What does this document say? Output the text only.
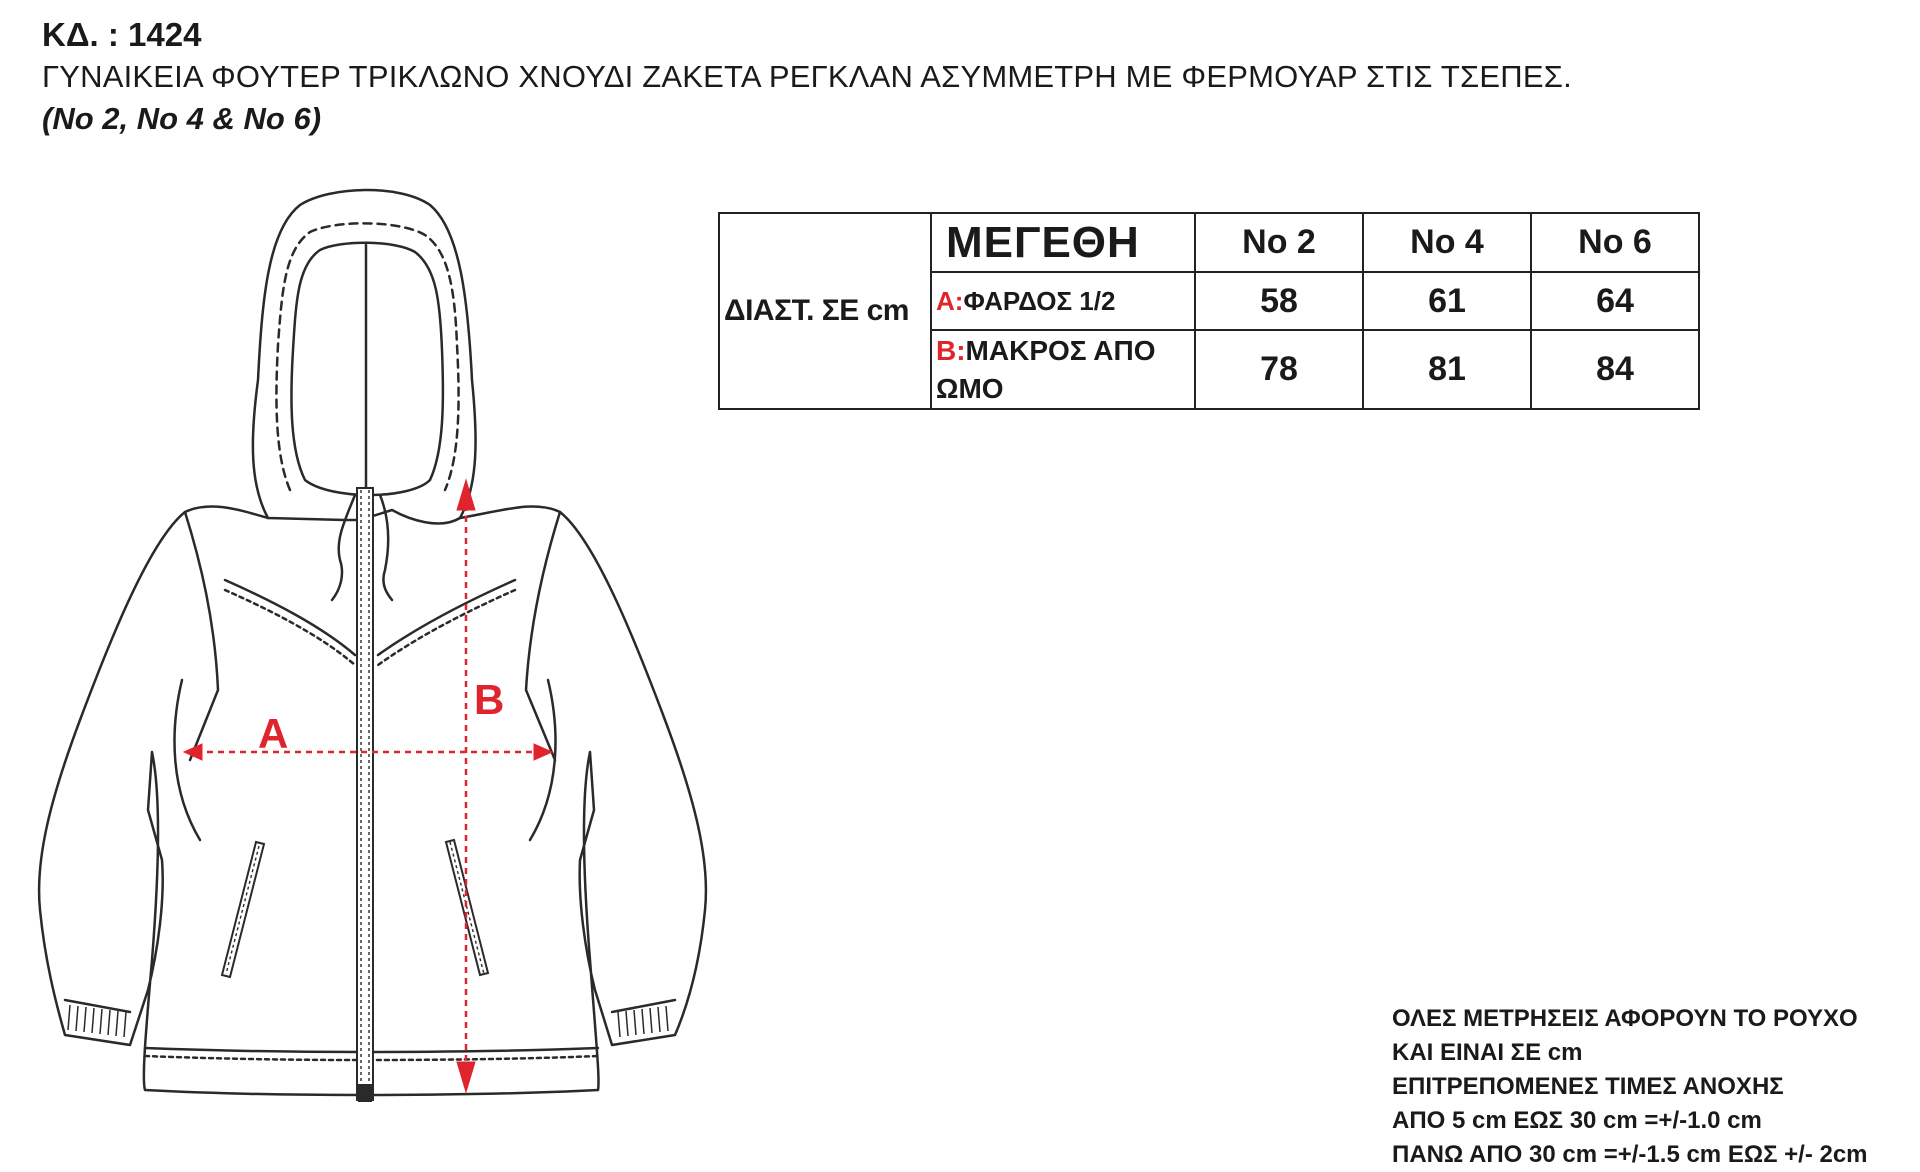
ΚΔ. : 1424
ΓΥΝΑΙΚΕΙΑ ΦΟΥΤΕΡ ΤΡΙΚΛΩΝΟ ΧΝΟΥΔΙ ΖΑΚΕΤΑ ΡΕΓΚΛΑΝ ΑΣΥΜΜΕΤΡΗ ΜΕ ΦΕΡΜΟΥΑΡ ΣΤΙΣ ΤΣΕΠΕΣ.
(No 2, No 4 & No 6)
A
B
ΔΙΑΣΤ. ΣΕ cm	ΜΕΓΕΘΗ	No 2	No 4	No 6
	A:ΦΑΡΔΟΣ 1/2	58	61	64
	B:ΜΑΚΡΟΣ ΑΠΟ ΩΜΟ	78	81	84
ΟΛΕΣ ΜΕΤΡΗΣΕΙΣ ΑΦΟΡΟΥΝ ΤΟ ΡΟΥΧΟ
ΚΑΙ ΕΙΝΑΙ ΣΕ cm
ΕΠΙΤΡΕΠΟΜΕΝΕΣ ΤΙΜΕΣ ΑΝΟΧΗΣ
ΑΠΟ 5 cm ΕΩΣ 30 cm =+/-1.0 cm
ΠΑΝΩ ΑΠΟ 30 cm =+/-1.5 cm ΕΩΣ +/- 2cm
